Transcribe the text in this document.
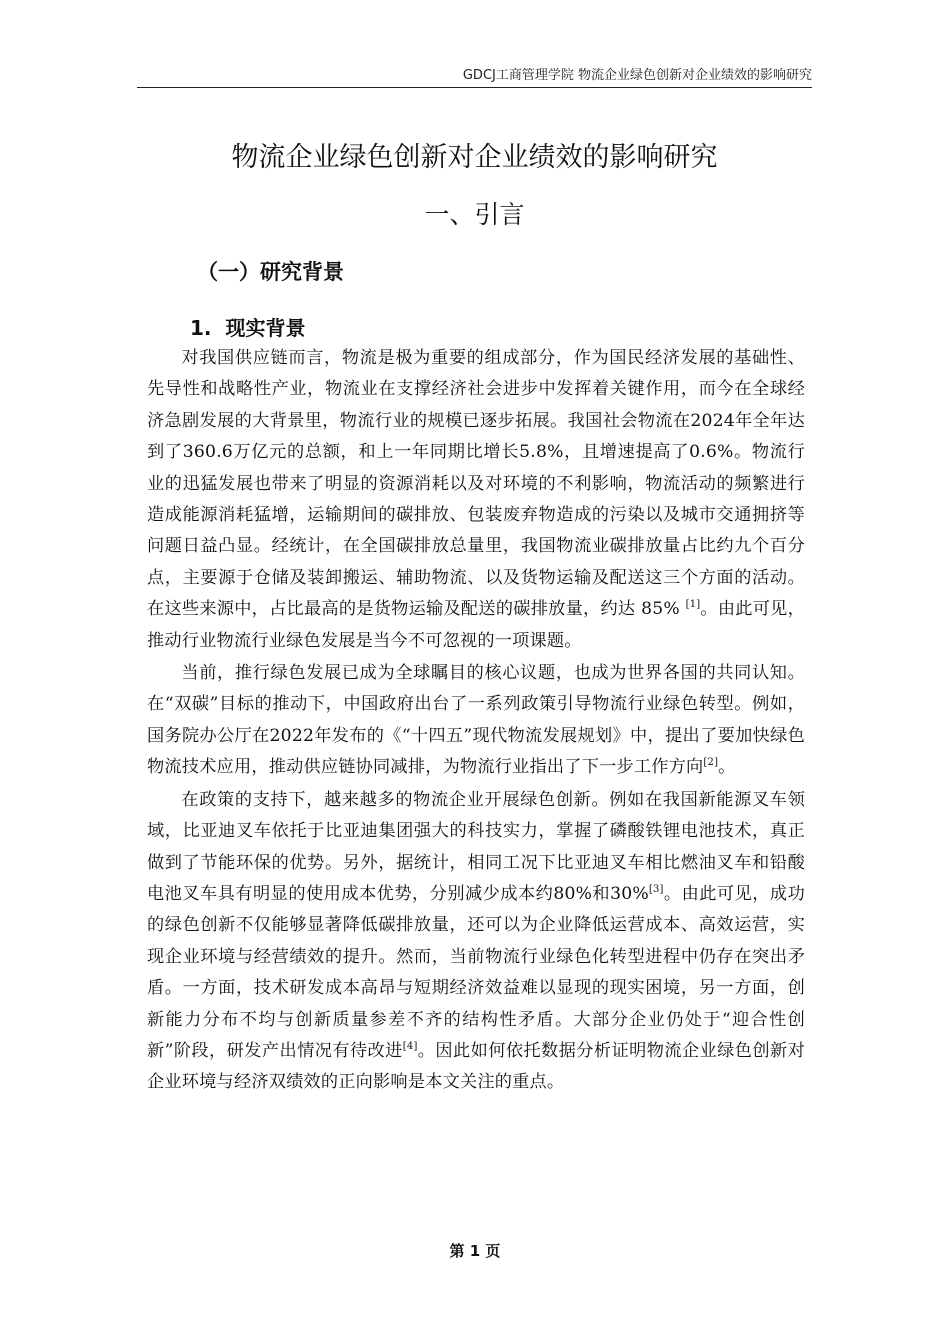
GDCJ工商管理学院 物流企业绿色创新对企业绩效的影响研究
物流企业绿色创新对企业绩效的影响研究
一、引言
（一）研究背景
1. 现实背景

对我国供应链而言，物流是极为重要的组成部分，作为国民经济发展的基础性、先导性和战略性产业，物流业在支撑经济社会进步中发挥着关键作用，而今在全球经济急剧发展的大背景里，物流行业的规模已逐步拓展。我国社会物流在2024年全年达到了360.6万亿元的总额，和上一年同期比增长5.8%，且增速提高了0.6%。物流行业的迅猛发展也带来了明显的资源消耗以及对环境的不利影响，物流活动的频繁进行造成能源消耗猛增，运输期间的碳排放、包装废弃物造成的污染以及城市交通拥挤等问题日益凸显。经统计，在全国碳排放总量里，我国物流业碳排放量占比约九个百分点，主要源于仓储及装卸搬运、辅助物流、以及货物运输及配送这三个方面的活动。在这些来源中，占比最高的是货物运输及配送的碳排放量，约达 85% [1]。由此可见，推动行业物流行业绿色发展是当今不可忽视的一项课题。

当前，推行绿色发展已成为全球瞩目的核心议题，也成为世界各国的共同认知。在“双碳”目标的推动下，中国政府出台了一系列政策引导物流行业绿色转型。例如，国务院办公厅在2022年发布的《“十四五”现代物流发展规划》中，提出了要加快绿色物流技术应用，推动供应链协同减排，为物流行业指出了下一步工作方向[2]。

在政策的支持下，越来越多的物流企业开展绿色创新。例如在我国新能源叉车领域，比亚迪叉车依托于比亚迪集团强大的科技实力，掌握了磷酸铁锂电池技术，真正做到了节能环保的优势。另外，据统计，相同工况下比亚迪叉车相比燃油叉车和铅酸电池叉车具有明显的使用成本优势，分别减少成本约80%和30%[3]。由此可见，成功的绿色创新不仅能够显著降低碳排放量，还可以为企业降低运营成本、高效运营，实现企业环境与经营绩效的提升。然而，当前物流行业绿色化转型进程中仍存在突出矛盾。一方面，技术研发成本高昂与短期经济效益难以显现的现实困境，另一方面，创新能力分布不均与创新质量参差不齐的结构性矛盾。大部分企业仍处于“迎合性创新”阶段，研发产出情况有待改进[4]。因此如何依托数据分析证明物流企业绿色创新对企业环境与经济双绩效的正向影响是本文关注的重点。

第 1 页
